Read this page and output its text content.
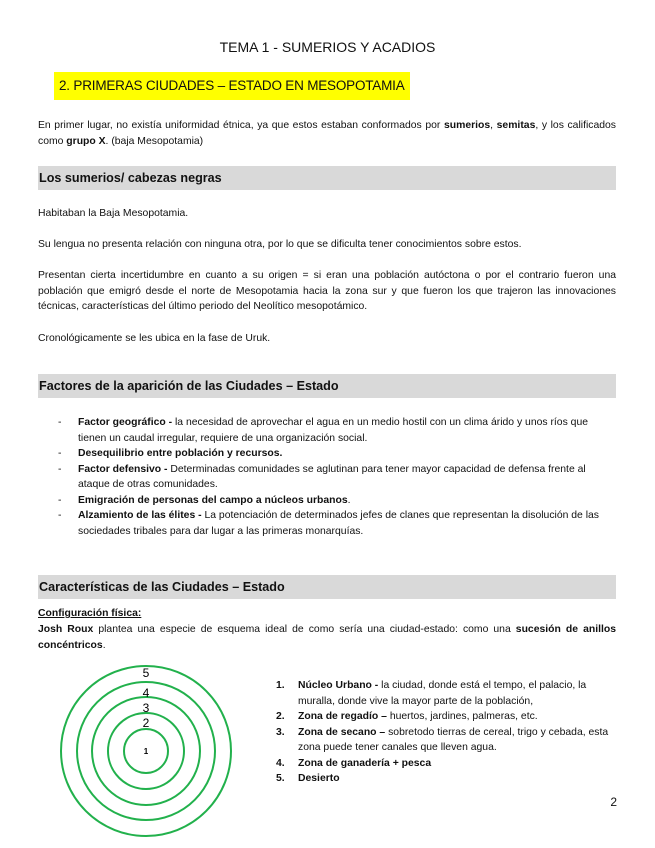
TEMA 1 - SUMERIOS Y ACADIOS
2. PRIMERAS CIUDADES – ESTADO EN MESOPOTAMIA
En primer lugar, no existía uniformidad étnica, ya que estos estaban conformados por sumerios, semitas, y los calificados como grupo X. (baja Mesopotamia)
Los sumerios/ cabezas negras
Habitaban la Baja Mesopotamia.
Su lengua no presenta relación con ninguna otra, por lo que se dificulta tener conocimientos sobre estos.
Presentan cierta incertidumbre en cuanto a su origen = si eran una población autóctona o por el contrario fueron una población que emigró desde el norte de Mesopotamia hacia la zona sur y que fueron los que trajeron las innovaciones técnicas, características del último periodo del Neolítico mesopotámico.
Cronológicamente se les ubica en la fase de Uruk.
Factores de la aparición de las Ciudades – Estado
- Factor geográfico - la necesidad de aprovechar el agua en un medio hostil con un clima árido y unos ríos que tienen un caudal irregular, requiere de una organización social.
- Desequilibrio entre población y recursos.
- Factor defensivo - Determinadas comunidades se aglutinan para tener mayor capacidad de defensa frente al ataque de otras comunidades.
- Emigración de personas del campo a núcleos urbanos.
- Alzamiento de las élites - La potenciación de determinados jefes de clanes que representan la disolución de las sociedades tribales para dar lugar a las primeras monarquías.
Características de las Ciudades – Estado
Configuración física:
Josh Roux plantea una especie de esquema ideal de como sería una ciudad-estado: como una sucesión de anillos concéntricos.
1
2
3
4
5
1. Núcleo Urbano - la ciudad, donde está el tempo, el palacio, la muralla, donde vive la mayor parte de la población,
2. Zona de regadío – huertos, jardines, palmeras, etc.
3. Zona de secano – sobretodo tierras de cereal, trigo y cebada, esta zona puede tener canales que lleven agua.
4. Zona de ganadería + pesca
5. Desierto
2
